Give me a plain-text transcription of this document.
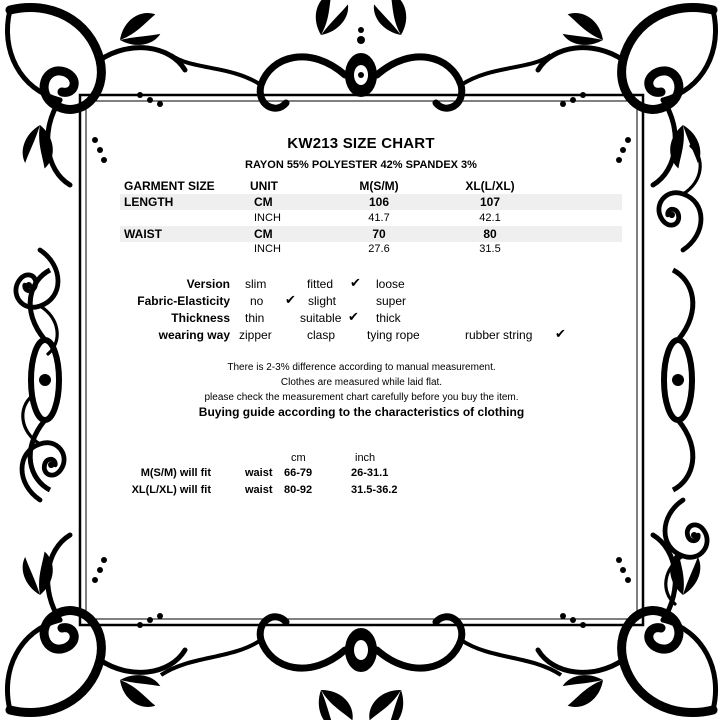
KW213 SIZE CHART
RAYON 55% POLYESTER 42% SPANDEX 3%
GARMENT SIZE	UNIT	M(S/M)	XL(L/XL)
LENGTH	CM	106	107
INCH	41.7	42.1
WAIST	CM	70	80
INCH	27.6	31.5
Version slim	fitted ✔ loose
Fabric-Elasticity no ✔ slight	super
Thickness thin	suitable ✔ thick
wearing way zipper	clasp	tying rope	rubber string ✔
There is 2-3% difference according to manual measurement.
Clothes are measured while laid flat.
please check the measurement chart carefully before you buy the item.
Buying guide according to the characteristics of clothing
cm	inch
M(S/M) will fit	waist 66-79	26-31.1
XL(L/XL) will fit	waist 80-92	31.5-36.2
